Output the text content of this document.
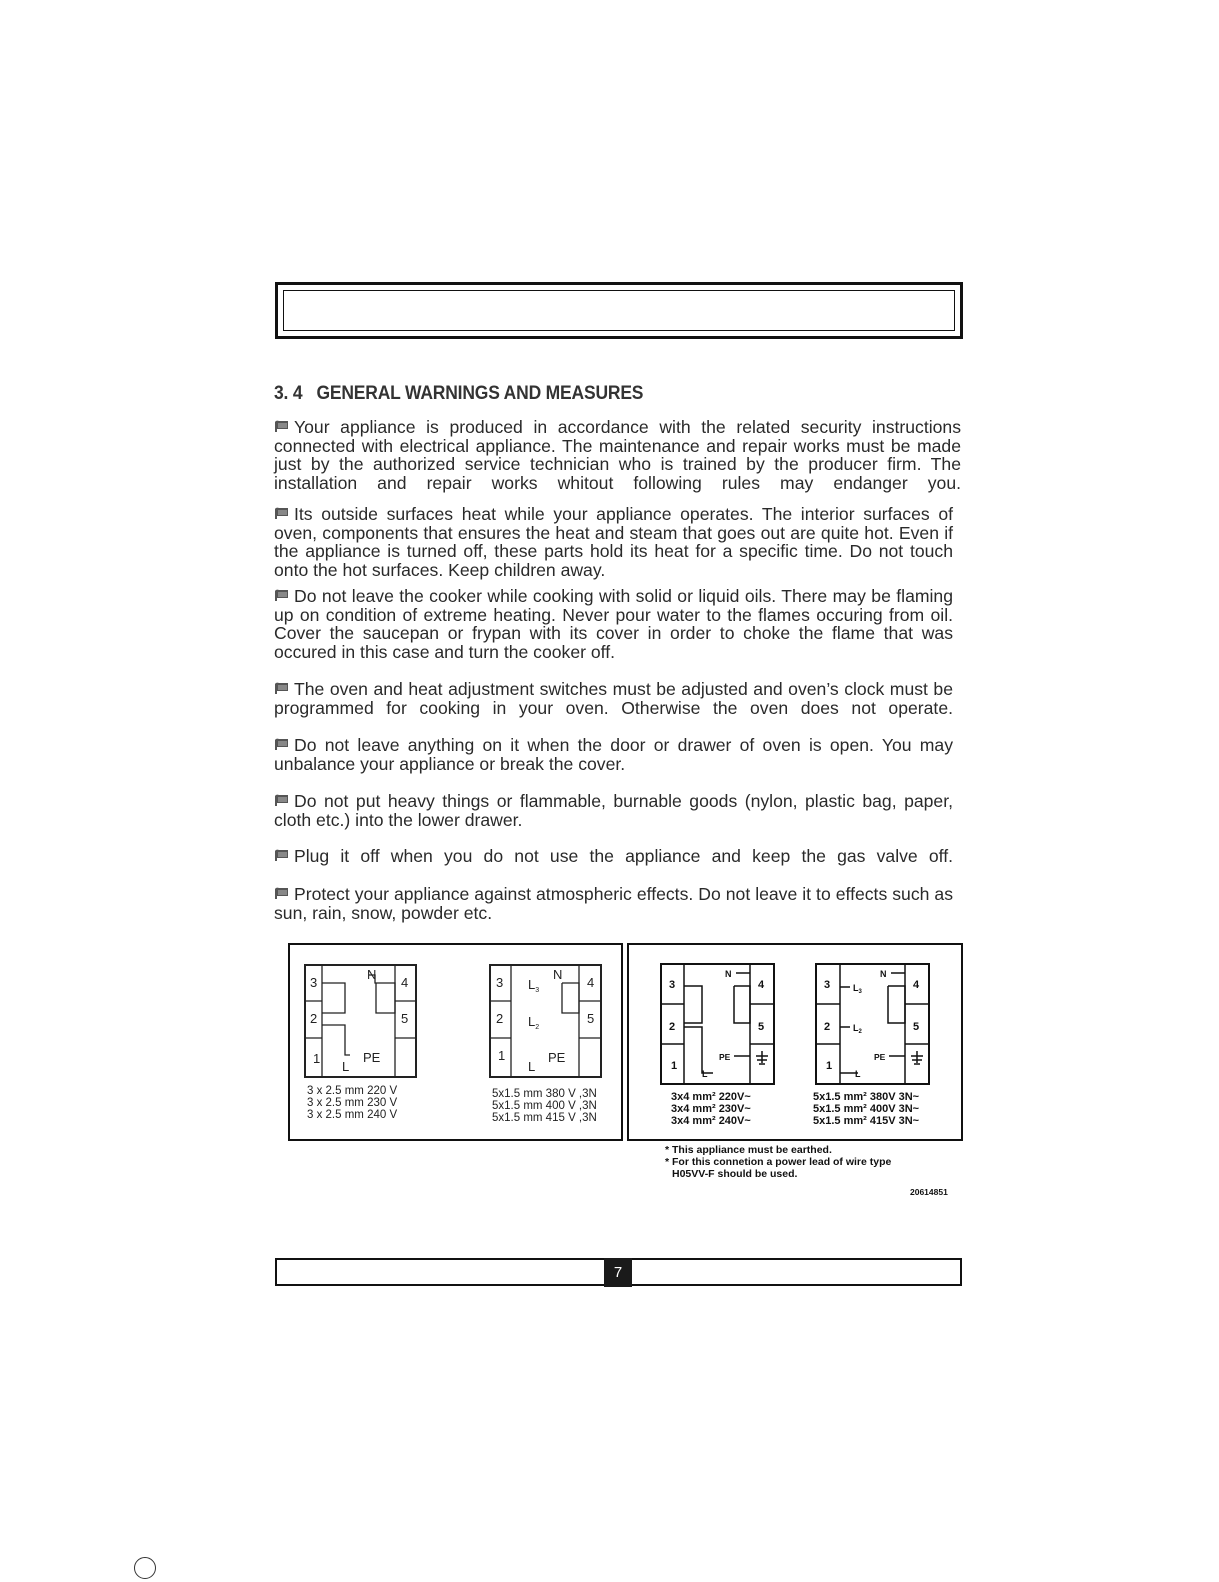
3. 4 GENERAL WARNINGS AND MEASURES
Your appliance is produced in accordance with the related security instructions connected with electrical appliance. The maintenance and repair works must be made just by the authorized service technician who is trained by the producer firm. The installation and repair works whitout following rules may endanger you.
Its outside surfaces heat while your appliance operates. The interior surfaces of oven, components that ensures the heat and steam that goes out are quite hot. Even if the appliance is turned off, these parts hold its heat for a specific time. Do not touch onto the hot surfaces. Keep children away.
Do not leave the cooker while cooking with solid or liquid oils. There may be flaming up on condition of extreme heating. Never pour water to the flames occuring from oil. Cover the saucepan or frypan with its cover in order to choke the flame that was occured in this case and turn the cooker off.
The oven and heat adjustment switches must be adjusted and oven’s clock must be programmed for cooking in your oven. Otherwise the oven does not operate.
Do not leave anything on it when the door or drawer of oven is open. You may unbalance your appliance or break the cover.
Do not put heavy things or flammable, burnable goods (nylon, plastic bag, paper, cloth etc.) into the lower drawer.
Plug it off when you do not use the appliance and keep the gas valve off.
Protect your appliance against atmospheric effects. Do not leave it to effects such as sun, rain, snow, powder etc.
3
2
1
4
5
N
L
PE
3 x 2.5 mm 220 V
3 x 2.5 mm 230 V
3 x 2.5 mm 240 V
3
2
1
4
5
N
$L_3$
$L_2$
L
PE
5x1.5 mm 380 V ,3N
5x1.5 mm 400 V ,3N
5x1.5 mm 415 V ,3N
3
2
1
4
5
N
L
PE
3x4 mm² 220V~
3x4 mm² 230V~
3x4 mm² 240V~
3
2
1
4
5
N
$L_3$
$L_2$
L
PE
5x1.5 mm² 380V 3N~
5x1.5 mm² 400V 3N~
5x1.5 mm² 415V 3N~
* This appliance must be earthed.
* For this connetion a power lead of wire type
H05VV-F should be used.
20614851
7
